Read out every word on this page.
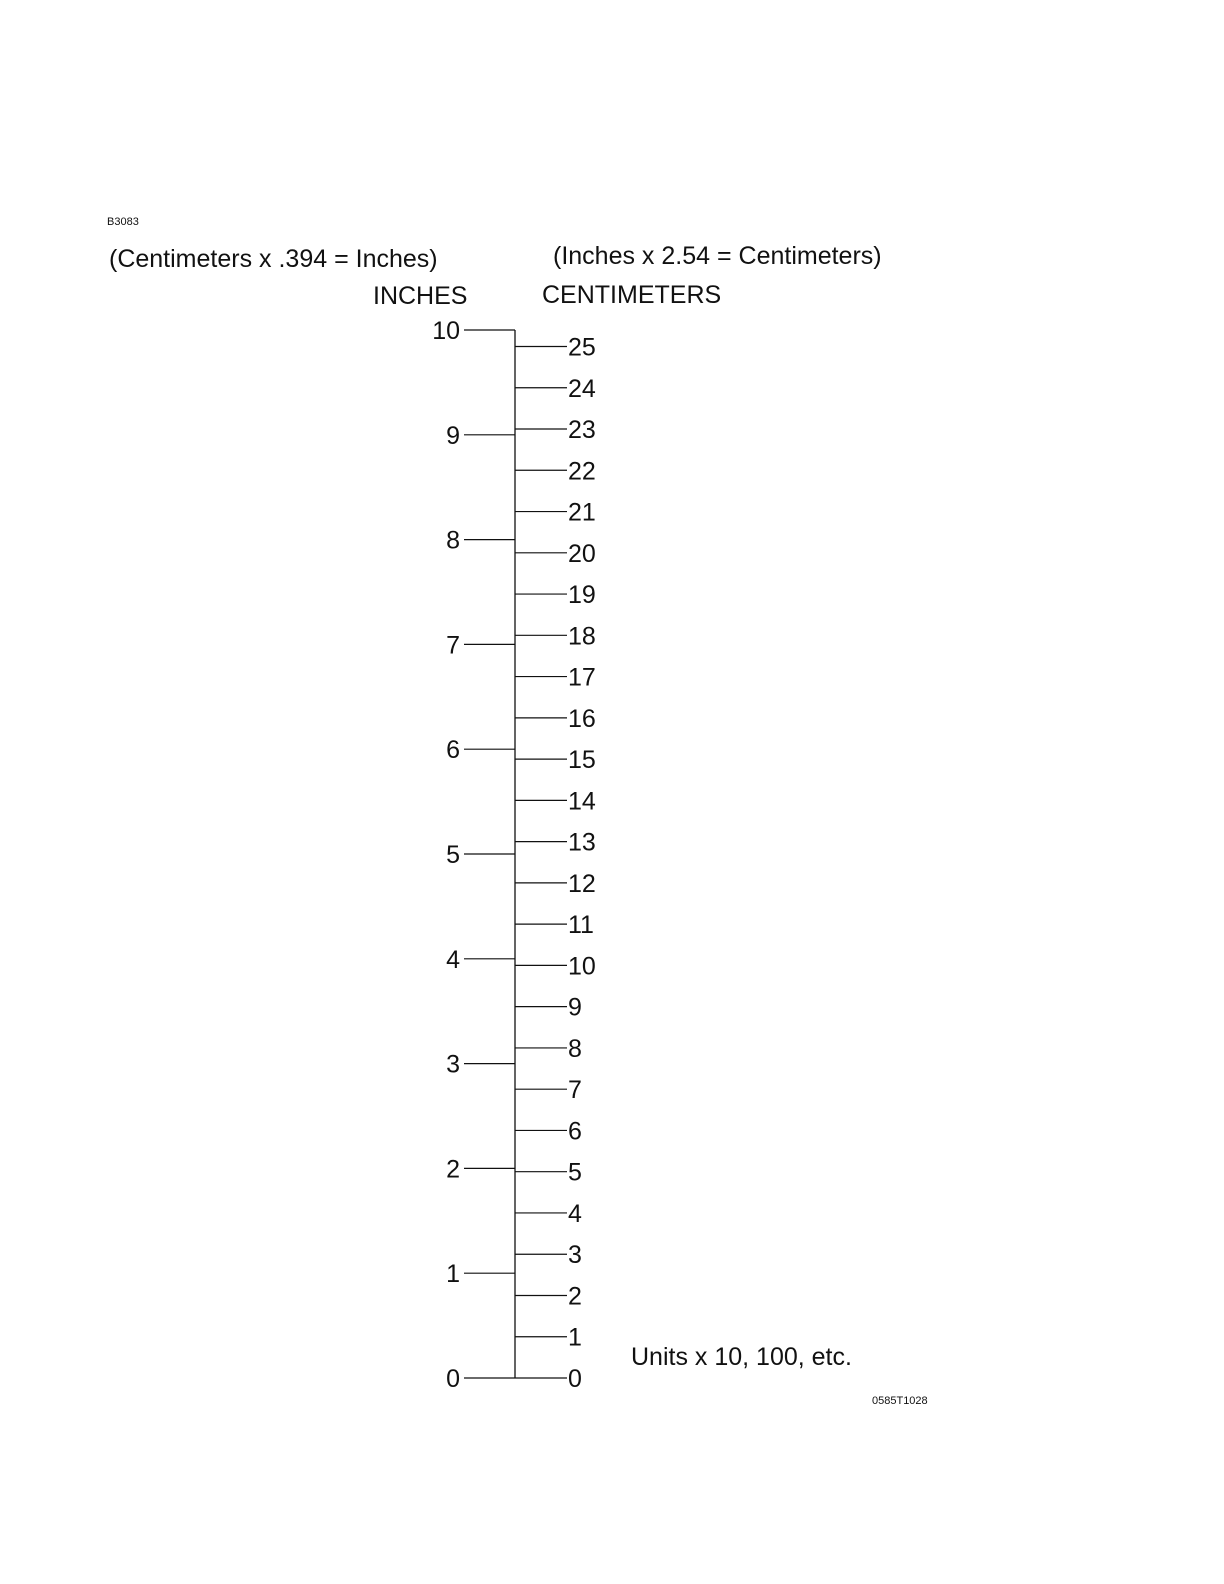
B3083
(Centimeters x .394 = Inches)	(Inches x 2.54 = Centimeters)
INCHES	CENTIMETERS
0
1
2
3
4
5
6
7
8
9
10
0
1
2
3
4
5
6
7
8
9
10
11
12
13
14
15
16
17
18
19
20
21
22
23
24
25
Units x 10, 100, etc.
0585T1028
